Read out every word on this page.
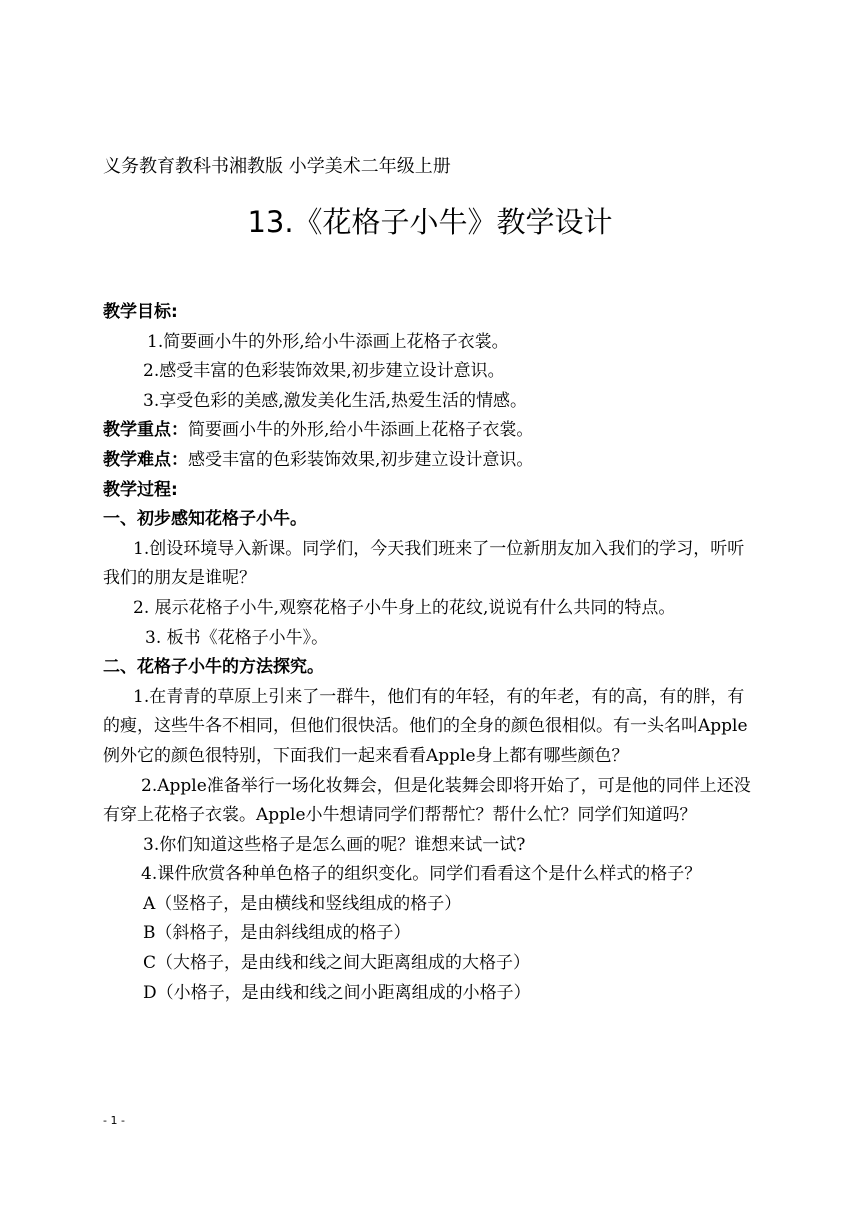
义务教育教科书湘教版 小学美术二年级上册
13.《花格子小牛》教学设计

教学目标:

1.简要画小牛的外形,给小牛添画上花格子衣裳。

2.感受丰富的色彩装饰效果,初步建立设计意识。

3.享受色彩的美感,激发美化生活,热爱生活的情感。

教学重点：简要画小牛的外形,给小牛添画上花格子衣裳。

教学难点：感受丰富的色彩装饰效果,初步建立设计意识。

教学过程:

一、初步感知花格子小牛。

1.创设环境导入新课。同学们，今天我们班来了一位新朋友加入我们的学习，听听我们的朋友是谁呢？

2. 展示花格子小牛,观察花格子小牛身上的花纹,说说有什么共同的特点。

3. 板书《花格子小牛》。

二、花格子小牛的方法探究。

1.在青青的草原上引来了一群牛，他们有的年轻，有的年老，有的高，有的胖，有的瘦，这些牛各不相同，但他们很快活。他们的全身的颜色很相似。有一头名叫Apple例外它的颜色很特别，下面我们一起来看看Apple身上都有哪些颜色？

2.Apple准备举行一场化妆舞会，但是化装舞会即将开始了，可是他的同伴上还没有穿上花格子衣裳。Apple小牛想请同学们帮帮忙？帮什么忙？同学们知道吗？

3.你们知道这些格子是怎么画的呢？谁想来试一试?

4.课件欣赏各种单色格子的组织变化。同学们看看这个是什么样式的格子？

A（竖格子，是由横线和竖线组成的格子）

B（斜格子，是由斜线组成的格子）

C（大格子，是由线和线之间大距离组成的大格子）

D（小格子，是由线和线之间小距离组成的小格子）

- 1 -
